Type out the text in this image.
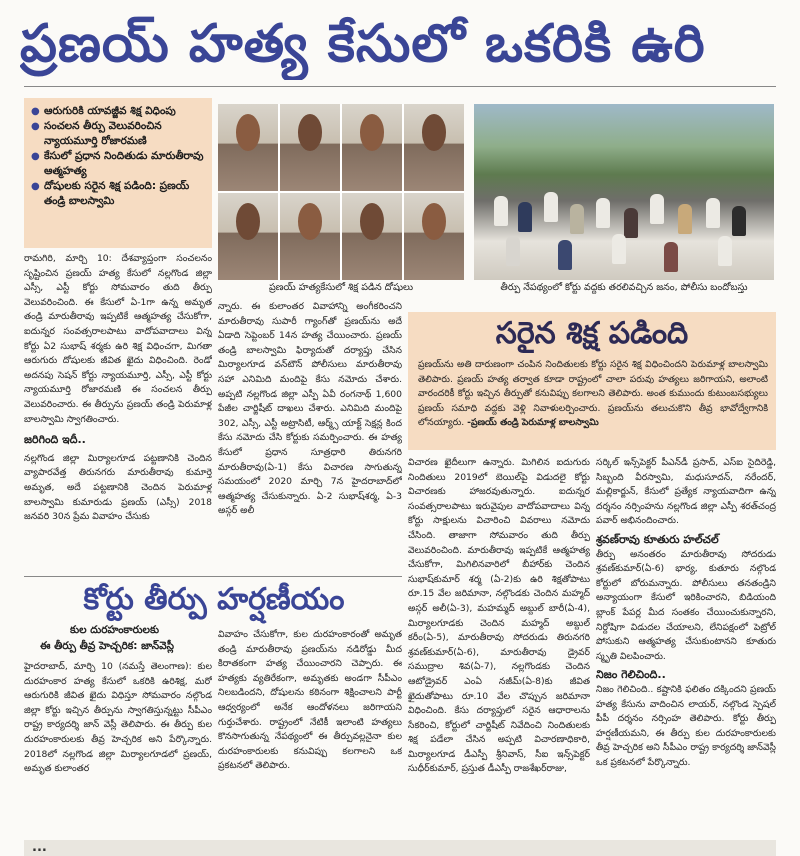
ప్రణయ్ హత్య కేసులో ఒకరికి ఉరి
● ఆరుగురికి యావజ్జీవ శిక్ష విధింపు
● సంచలన తీర్పు వెలువరించిన న్యాయమూర్తి రోజారమణి
● కేసులో ప్రధాన నిందితుడు మారుతీరావు ఆత్మహత్య
● దోషులకు సరైన శిక్ష పడింది: ప్రణయ్ తండ్రి బాలస్వామి
ప్రణయ్ హత్యకేసులో శిక్ష పడిన దోషులు	తీర్పు నేపథ్యంలో కోర్టు వద్దకు తరలివచ్చిన జనం, పోలీసు బందోబస్తు

రామగిరి, మార్చి 10: దేశవ్యాప్తంగా సంచలనం సృష్టించిన ప్రణయ్ హత్య కేసులో నల్లగొండ జిల్లా ఎస్సీ, ఎస్టీ కోర్టు సోమవారం తుది తీర్పు వెలువరించింది. ఈ కేసులో ఏ-1గా ఉన్న అమృత తండ్రి మారుతీరావు ఇప్పటికే ఆత్మహత్య చేసుకోగా, ఐదున్నర సంవత్సరాలపాటు వాదోపవాదాలు విన్న కోర్టు ఏ2 సుభాష్ శర్మకు ఉరి శిక్ష విధించగా, మిగతా ఆరుగురు దోషులకు జీవిత ఖైదు విధించింది. రెండో అదనపు సెషన్ కోర్టు న్యాయమూర్తి, ఎస్సీ, ఎస్టీ కోర్టు న్యాయమూర్తి రోజారమణి ఈ సంచలన తీర్పు వెలువరించారు. ఈ తీర్పును ప్రణయ్ తండ్రి పెరుమాళ్ల బాలస్వామి స్వాగతించారు.

జరిగింది ఇదీ..

నల్లగొండ జిల్లా మిర్యాలగూడ పట్టణానికి చెందిన వ్యాపారవేత్త తిరునగరు మారుతీరావు కుమార్తె అమృత, అదే పట్టణానికి చెందిన పెరుమాళ్ల బాలస్వామి కుమారుడు ప్రణయ్ (ఎస్సీ) 2018 జనవరి 30న ప్రేమ వివాహం చేసుకు

న్నారు. ఈ కులాంతర వివాహాన్ని అంగీకరించని మారుతీరావు సుపారీ గ్యాంగ్‌తో ప్రణయ్‌ను అదే ఏడాది సెప్టెంబర్ 14న హత్య చేయించారు. ప్రణయ్ తండ్రి బాలస్వామి ఫిర్యాదుతో దర్యాప్తు చేసిన మిర్యాలగూడ వన్‌టౌన్ పోలీసులు మారుతీరావు సహా ఎనిమిది మందిపై కేసు నమోదు చేశారు. అప్పటి నల్లగొండ జిల్లా ఎస్పీ ఏవీ రంగనాథ్ 1,600 పేజీల చార్జిషీట్ దాఖలు చేశారు. ఎనిమిది మందిపై 302, ఎస్సీ, ఎస్టీ అట్రాసిటీ, ఆర్మ్స్ యాక్ట్ సెక్షన్ల కింద కేసు నమోదు చేసి కోర్టుకు సమర్పించారు. ఈ హత్య కేసులో ప్రధాన సూత్రధారి తిరునగరి మారుతీరావు(ఏ-1) కేసు విచారణ సాగుతున్న సమయంలో 2020 మార్చి 7న హైదరాబాద్‌లో ఆత్మహత్య చేసుకున్నారు. ఏ-2 సుభాష్‌శర్మ, ఏ-3 అస్గర్ అలీ

సరైన శిక్ష పడింది
ప్రణయ్‌ను అతి దారుణంగా చంపిన నిందితులకు కోర్టు సరైన శిక్ష విధించిందని పెరుమాళ్ల బాలస్వామి తెలిపారు. ప్రణయ్ హత్య తర్వాత కూడా రాష్ట్రంలో చాలా పరువు హత్యలు జరిగాయని, అలాంటి వారందరికీ కోర్టు ఇచ్చిన తీర్పుతో కనువిప్పు కలగాలని తెలిపారు. అంత కుముందు కుటుంబసభ్యులు ప్రణయ్ సమాధి వద్దకు వెళ్లి నివాళులర్పించారు. ప్రణయ్‌ను తలుచుకొని తీవ్ర భావోద్వేగానికి లోనయ్యారు. -ప్రణయ్ తండ్రి పెరుమాళ్ల బాలస్వామి

విచారణ ఖైదీలుగా ఉన్నారు. మిగిలిన ఐదుగురు నిందితులు 2019లో బెయిల్‌పై విడుదలై కోర్టు విచారణకు హాజరవుతున్నారు. ఐదున్నర సంవత్సరాలపాటు ఇరువైపుల వాదోపవాదాలు విన్న కోర్టు సాక్షులను విచారించి వివరాలు నమోదు చేసింది. తాజాగా సోమవారం తుది తీర్పు వెలువరించింది. మారుతీరావు ఇప్పటికే ఆత్మహత్య చేసుకోగా, మిగిలినవారిలో బీహార్‌కు చెందిన సుభాష్‌కుమార్ శర్మ (ఏ-2)కు ఉరి శిక్షతోపాటు రూ.15 వేల జరిమానా, నల్గొండకు చెందిన మహ్మద్ అస్గర్ అలీ(ఏ-3), మహమ్మద్ అబ్దుల్ బారీ(ఏ-4), మిర్యాలగూడకు చెందిన మహ్మద్ అబ్దుల్ కరీం(ఏ-5), మారుతీరావు సోదరుడు తిరునగరి శ్రవణ్‌కుమార్(ఏ-6), మారుతీరావు డ్రైవర్ సముద్రాల శివ(ఏ-7), నల్లగొండకు చెందిన ఆటోడ్రైవర్ ఎంఏ నజీమ్(ఏ-8)కు జీవిత ఖైదుతోపాటు రూ.10 వేల చొప్పున జరిమానా విధించింది. కేసు దర్యాప్తులో సరైన ఆధారాలను సేకరించి, కోర్టులో చార్జిషీట్ నివేదించి నిందితులకు శిక్ష పడేలా చేసిన అప్పటి విచారణాధికారి, మిర్యాలగూడ డీఎస్పీ శ్రీనివాస్, సీఐ ఇన్స్‌పెక్టర్ సుధీర్‌కుమార్, ప్రస్తుత డీఎస్పీ రాజశేఖర్‌రాజు,

సర్కిల్ ఇన్స్‌పెక్టర్ పీఎన్‌డీ ప్రసాద్, ఎస్‌ఐ సైదిరెడ్డి, సిబ్బంది వీరస్వామి, మధుసూదన్, నరేందర్, మల్లికార్జున్, కేసులో ప్రత్యేక న్యాయవాదిగా ఉన్న దర్శనం నర్సింహను నల్లగొండ జిల్లా ఎస్పీ శరత్‌చంద్ర పవార్ అభినందించారు.

శ్రవణ్‌రావు కూతురు హల్‌చల్

తీర్పు అనంతరం మారుతీరావు సోదరుడు శ్రవణ్‌కుమార్(ఏ-6) భార్య, కుతూరు నల్గొండ కోర్టులో బోరుమన్నారు. పోలీసులు తనతండ్రిని అన్యాయంగా కేసులో ఇరికించారని, బిడియంది బ్లాంక్ పేపర్ల మీద సంతకం చేయించుకున్నారని, నిర్దోషిగా విడుదల చేయాలని, లేనిపక్షంలో పెట్రోల్ పోసుకుని ఆత్మహత్య చేసుకుంటానని కూతురు స్మృతి విలపించారు.

నిజం గెలిచింది..

నిజం గెలిచింది.. కష్టానికి ఫలితం దక్కిందని ప్రణయ్ హత్య కేసును వాదించిన లాయర్, నల్గొండ స్పెషల్ పీపీ దర్శనం నర్సింహ తెలిపారు. కోర్టు తీర్పు హర్షణీయమని, ఈ తీర్పు కుల దురహంకారులకు తీవ్ర హెచ్చరిక అని సీపీఎం రాష్ట్ర కార్యదర్శి జాన్‌వెస్లీ ఒక ప్రకటనలో పేర్కొన్నారు.

కోర్టు తీర్పు హర్షణీయం
కుల దురహంకారులకు
ఈ తీర్పు తీవ్ర హెచ్చరిక: జాన్‌వెస్లీ

హైదరాబాద్, మార్చి 10 (నమస్తే తెలంగాణ): కుల దురహంకార హత్య కేసులో ఒకరికి ఉరిశిక్ష, మరో ఆరుగురికి జీవిత ఖైదు విధిస్తూ సోమవారం నల్గొండ జిల్లా కోర్టు ఇచ్చిన తీర్పును స్వాగతిస్తున్నట్టు సీపీఎం రాష్ట్ర కార్యదర్శి జాన్ వెస్లీ తెలిపారు. ఈ తీర్పు కుల దురహంకారులకు తీవ్ర హెచ్చరిక అని పేర్కొన్నారు. 2018లో నల్లగొండ జిల్లా మిర్యాలగూడలో ప్రణయ్, అమృత కులాంతర

వివాహం చేసుకోగా, కుల దురహంకారంతో అమృత తండ్రి మారుతీరావు ప్రణయ్‌ను నడిరోడ్డు మీద కిరాతకంగా హత్య చేయించారని చెప్పారు. ఈ హత్యకు వ్యతిరేకంగా, అమృతకు అండగా సీపీఎం నిలబడిందని, దోషులను కఠినంగా శిక్షించాలని పార్టీ ఆధ్వర్యంలో అనేక ఆందోళనలు జరిగాయని గుర్తుచేశారు. రాష్ట్రంలో నేటికీ ఇలాంటి హత్యలు కొనసాగుతున్న నేపథ్యంలో ఈ తీర్పువల్లనైనా కుల దురహంకారులకు కనువిప్పు కలగాలని ఒక ప్రకటనలో తెలిపారు.

...
